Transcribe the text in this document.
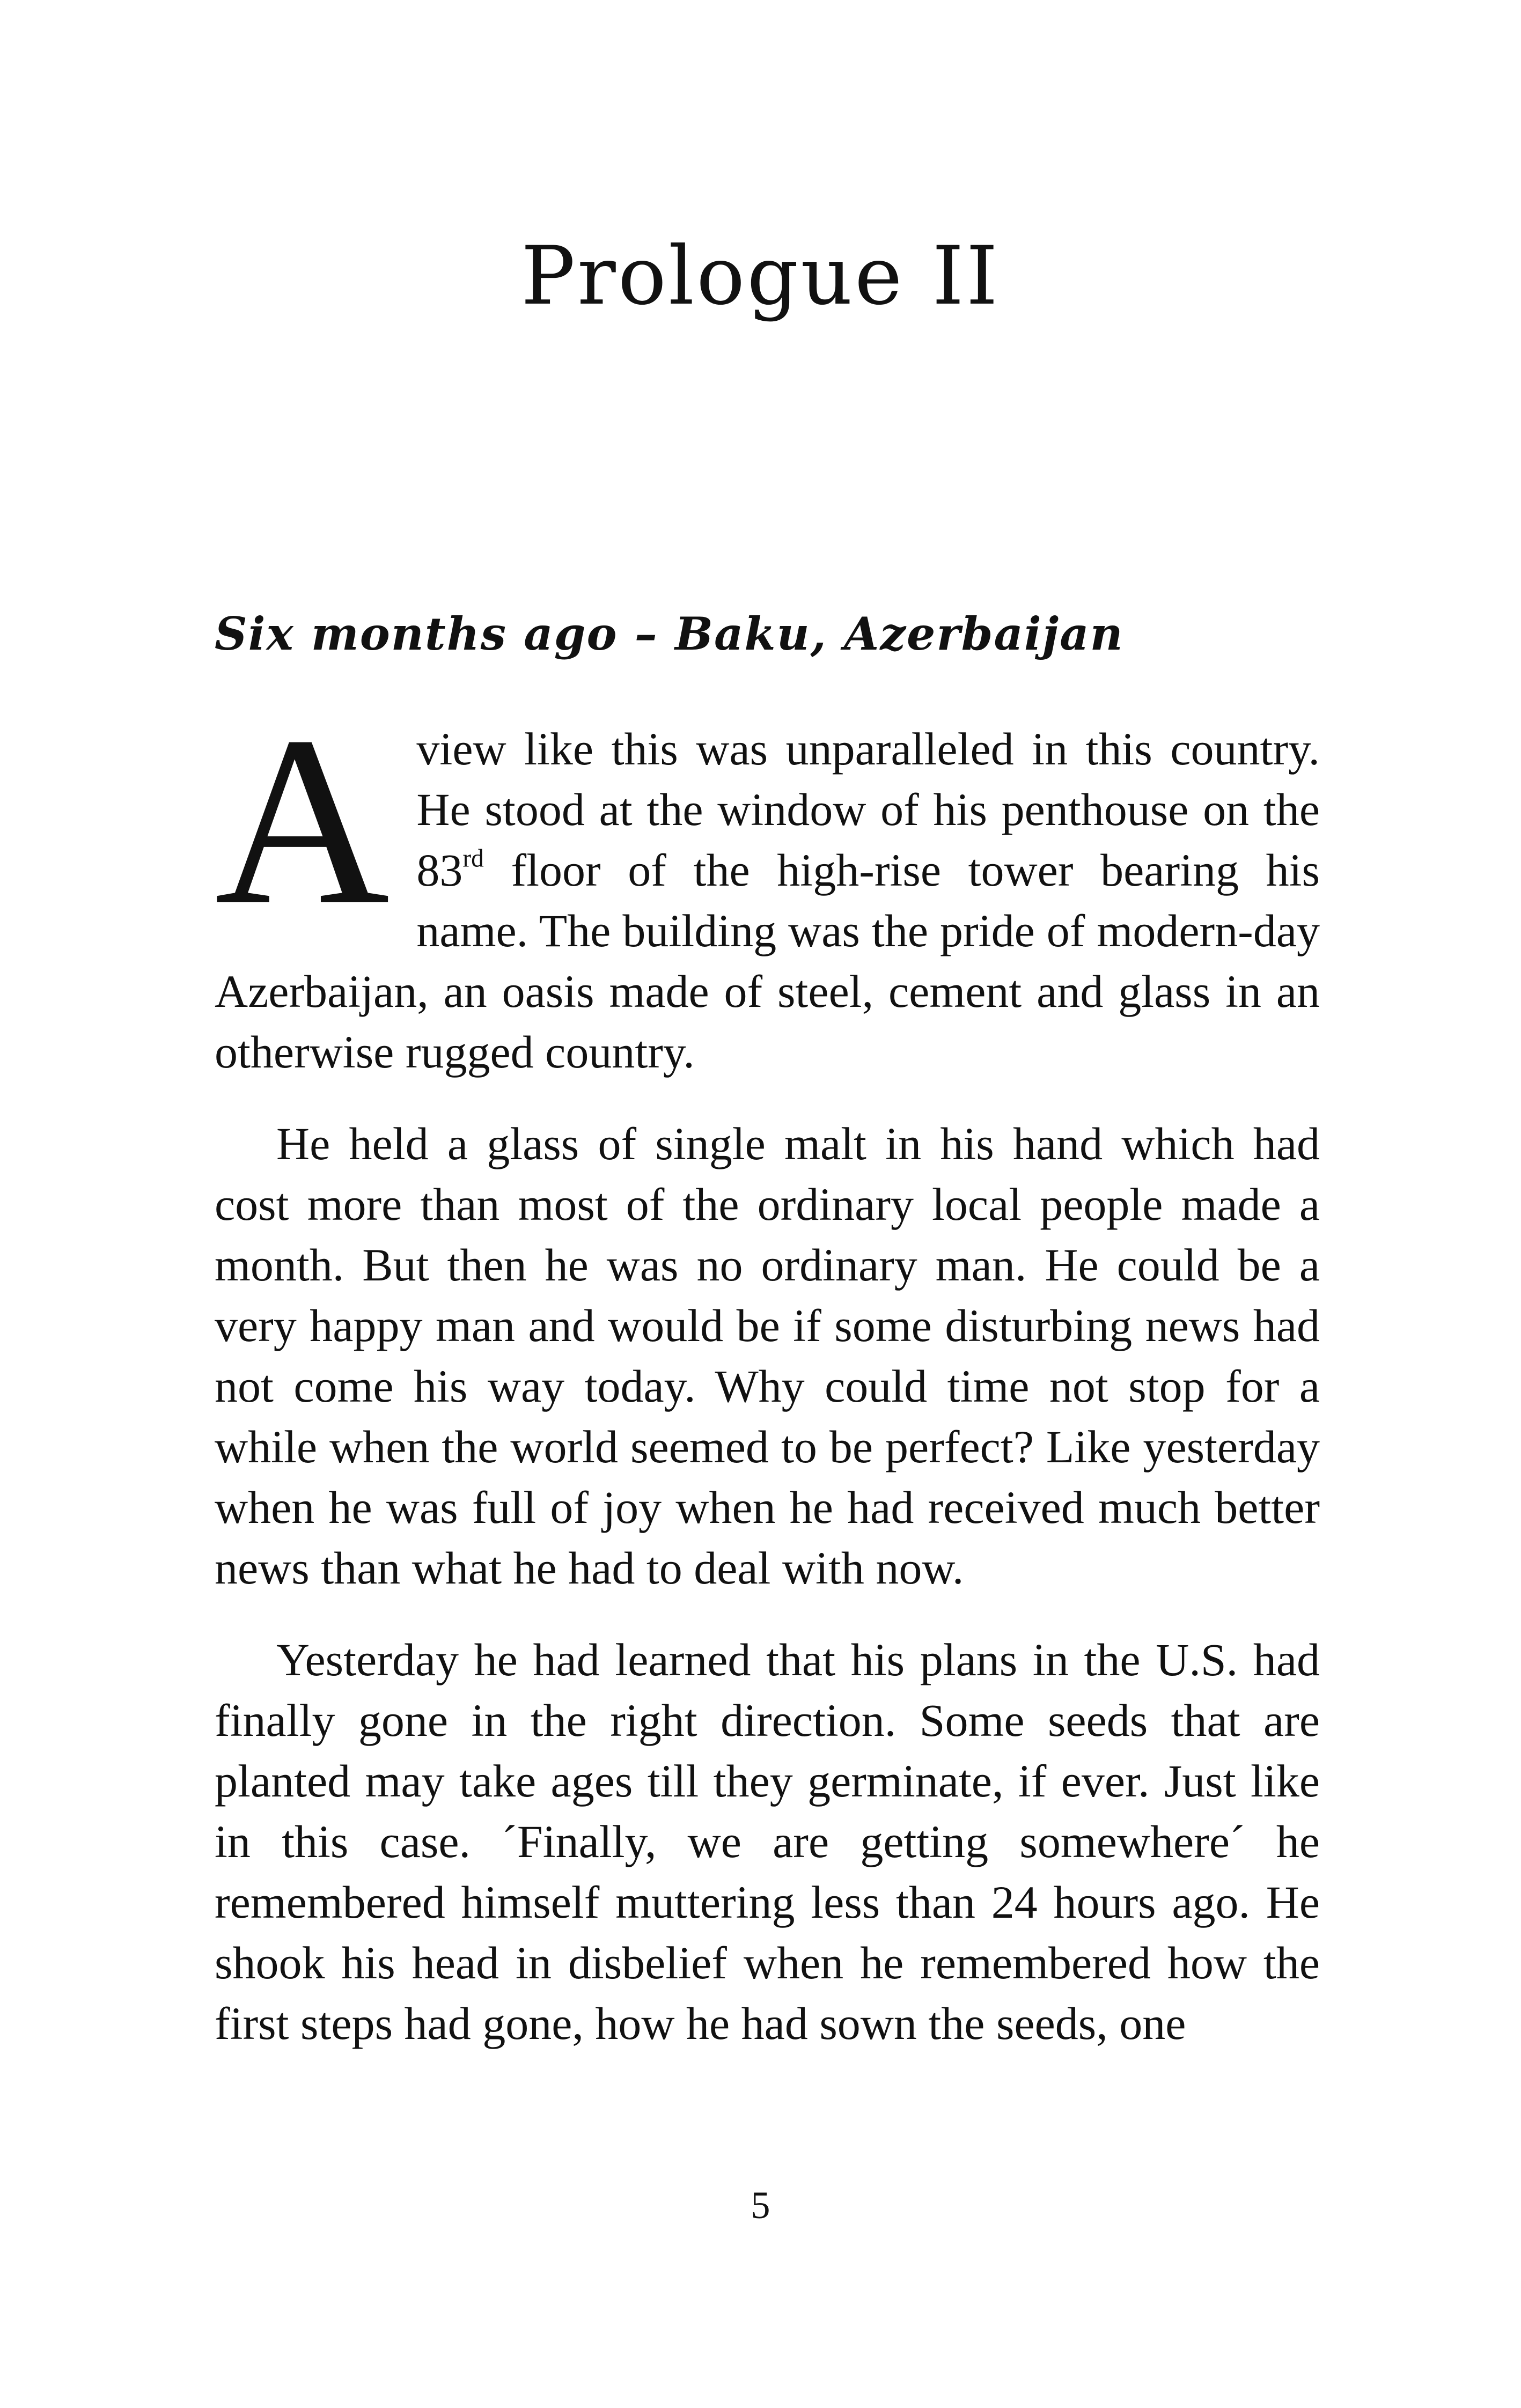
Prologue II
Six months ago – Baku, Azerbaijan

A view like this was unparalleled in this country. He stood at the window of his penthouse on the 83rd floor of the high-rise tower bearing his name. The building was the pride of modern-day Azerbaijan, an oasis made of steel, cement and glass in an otherwise rugged country.

He held a glass of single malt in his hand which had cost more than most of the ordinary local people made a month. But then he was no ordinary man. He could be a very happy man and would be if some disturbing news had not come his way today. Why could time not stop for a while when the world seemed to be perfect? Like yesterday when he was full of joy when he had received much better news than what he had to deal with now.

Yesterday he had learned that his plans in the U.S. had finally gone in the right direction. Some seeds that are planted may take ages till they germinate, if ever. Just like in this case. ´Finally, we are getting somewhere´ he remembered himself muttering less than 24 hours ago. He shook his head in disbelief when he remembered how the first steps had gone, how he had sown the seeds, one

5
